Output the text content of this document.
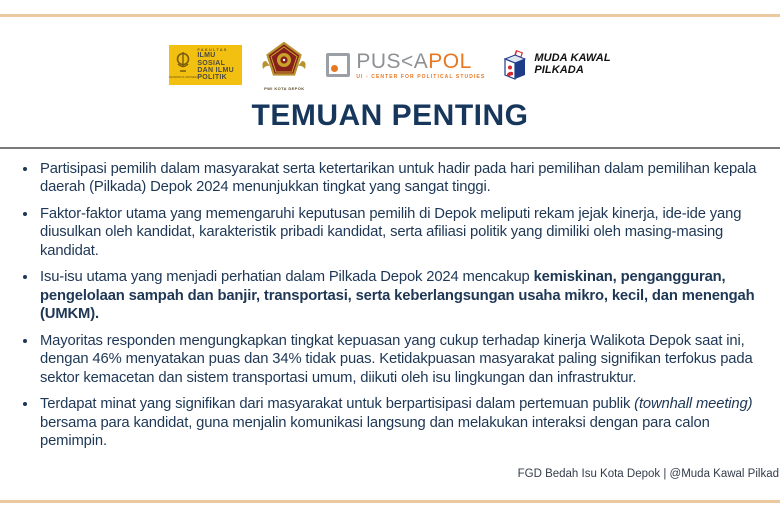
UNIVERSITAS INDONESIA
FAKULTAS
ILMU SOSIAL
DAN ILMU
POLITIK
PWI KOTA DEPOK
PUS<APOL
UI - CENTER FOR POLITICAL STUDIES
MUDA KAWAL
PILKADA
TEMUAN PENTING
• Partisipasi pemilih dalam masyarakat serta ketertarikan untuk hadir pada hari pemilihan dalam pemilihan kepala daerah (Pilkada) Depok 2024 menunjukkan tingkat yang sangat tinggi.
• Faktor-faktor utama yang memengaruhi keputusan pemilih di Depok meliputi rekam jejak kinerja, ide-ide yang diusulkan oleh kandidat, karakteristik pribadi kandidat, serta afiliasi politik yang dimiliki oleh masing-masing kandidat.
• Isu-isu utama yang menjadi perhatian dalam Pilkada Depok 2024 mencakup kemiskinan, pengangguran, pengelolaan sampah dan banjir, transportasi, serta keberlangsungan usaha mikro, kecil, dan menengah (UMKM).
• Mayoritas responden mengungkapkan tingkat kepuasan yang cukup terhadap kinerja Walikota Depok saat ini, dengan 46% menyatakan puas dan 34% tidak puas. Ketidakpuasan masyarakat paling signifikan terfokus pada sektor kemacetan dan sistem transportasi umum, diikuti oleh isu lingkungan dan infrastruktur.
• Terdapat minat yang signifikan dari masyarakat untuk berpartisipasi dalam pertemuan publik (townhall meeting) bersama para kandidat, guna menjalin komunikasi langsung dan melakukan interaksi dengan para calon pemimpin.
FGD Bedah Isu Kota Depok | @Muda Kawal Pilkad
